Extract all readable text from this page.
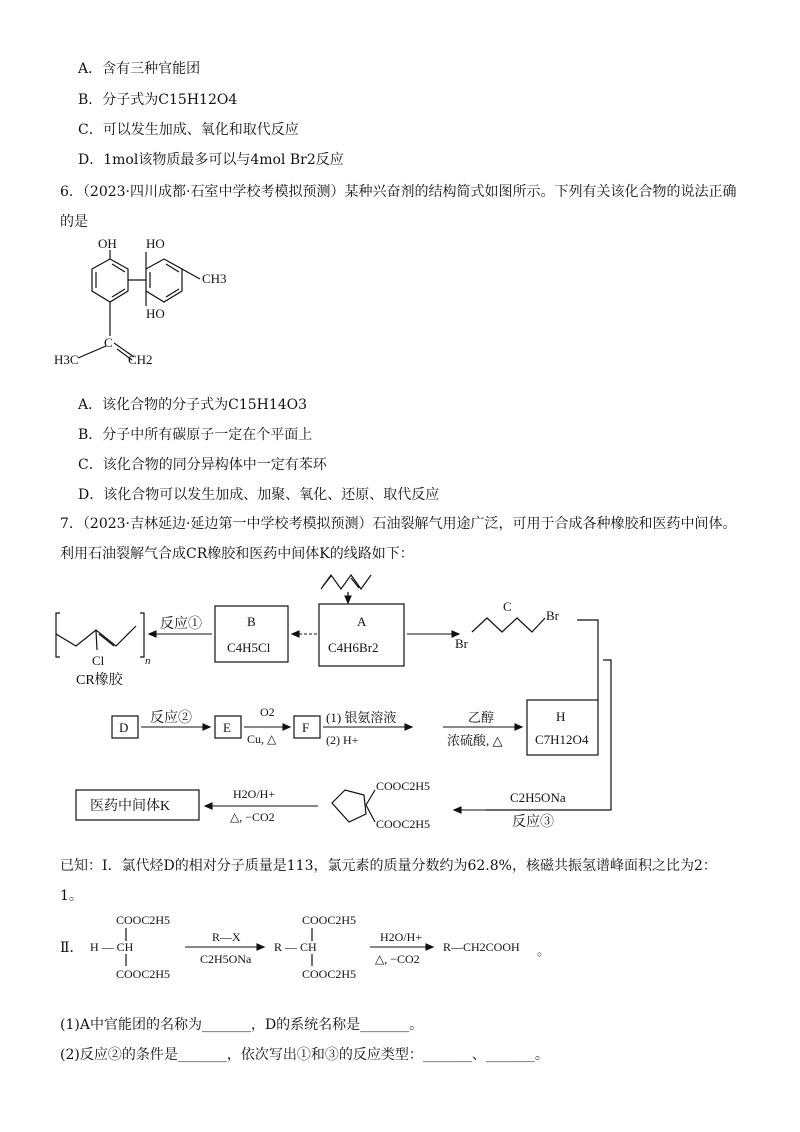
A．含有三种官能团
B．分子式为C15H12O4
C．可以发生加成、氧化和取代反应
D．1mol该物质最多可以与4mol Br2反应
6．（2023·四川成都·石室中学校考模拟预测）某种兴奋剂的结构简式如图所示。下列有关该化合物的说法正确
的是
OH HO
CH3
HO
C
H3C	CH2
Cl	n
CR橡胶
反应①	B
C4H5Cl
A
C4H6Br2	Br
C
Br
D
反应②
E
O2
Cu, △
F
(1) 银氨溶液
(2) H+
乙醇
浓硫酸, △
H
C7H12O4
医药中间体K
H2O/H+
△, −CO2
COOC2H5
COOC2H5
C2H5ONa
反应③
Ⅱ．
COOC2H5
H — CH
COOC2H5
R—X
C2H5ONa
COOC2H5
R — CH
COOC2H5
H2O/H+
△, −CO2
R—CH2COOH 。
A．该化合物的分子式为C15H14O3
B．分子中所有碳原子一定在个平面上
C．该化合物的同分异构体中一定有苯环
D．该化合物可以发生加成、加聚、氧化、还原、取代反应
7．（2023·吉林延边·延边第一中学校考模拟预测）石油裂解气用途广泛，可用于合成各种橡胶和医药中间体。
利用石油裂解气合成CR橡胶和医药中间体K的线路如下：
已知：Ⅰ．氯代烃D的相对分子质量是113，氯元素的质量分数约为62.8%，核磁共振氢谱峰面积之比为2：
1。
(1)A中官能团的名称为_______，D的系统名称是_______。
(2)反应②的条件是_______，依次写出①和③的反应类型：_______、_______。
